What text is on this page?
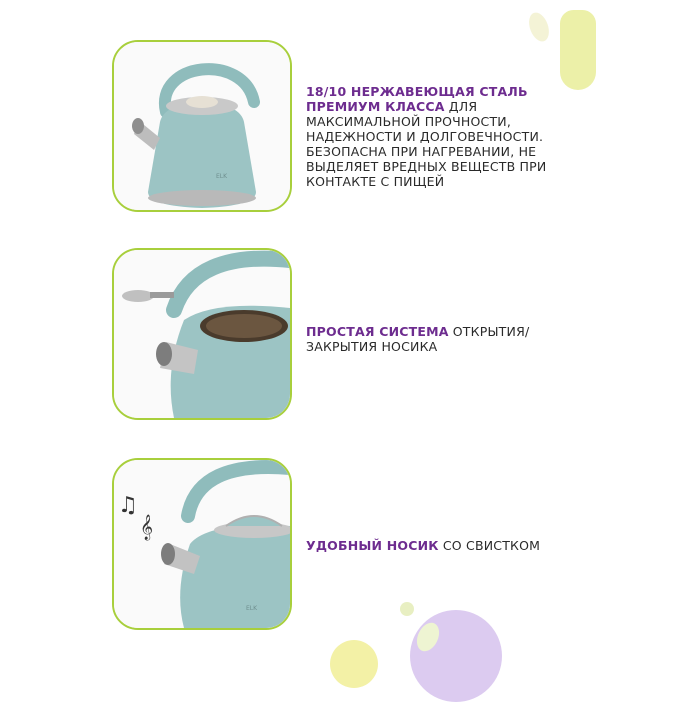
ELK
18/10 НЕРЖАВЕЮЩАЯ СТАЛЬ ПРЕМИУМ КЛАССА ДЛЯ МАКСИМАЛЬНОЙ ПРОЧНОСТИ, НАДЕЖНОСТИ И ДОЛГОВЕЧНОСТИ. БЕЗОПАСНА ПРИ НАГРЕВАНИИ, НЕ ВЫДЕЛЯЕТ ВРЕДНЫХ ВЕЩЕСТВ ПРИ КОНТАКТЕ С ПИЩЕЙ
ПРОСТАЯ СИСТЕМА ОТКРЫТИЯ/ ЗАКРЫТИЯ НОСИКА
♫
𝄞
ELK
УДОБНЫЙ НОСИК СО СВИСТКОМ
